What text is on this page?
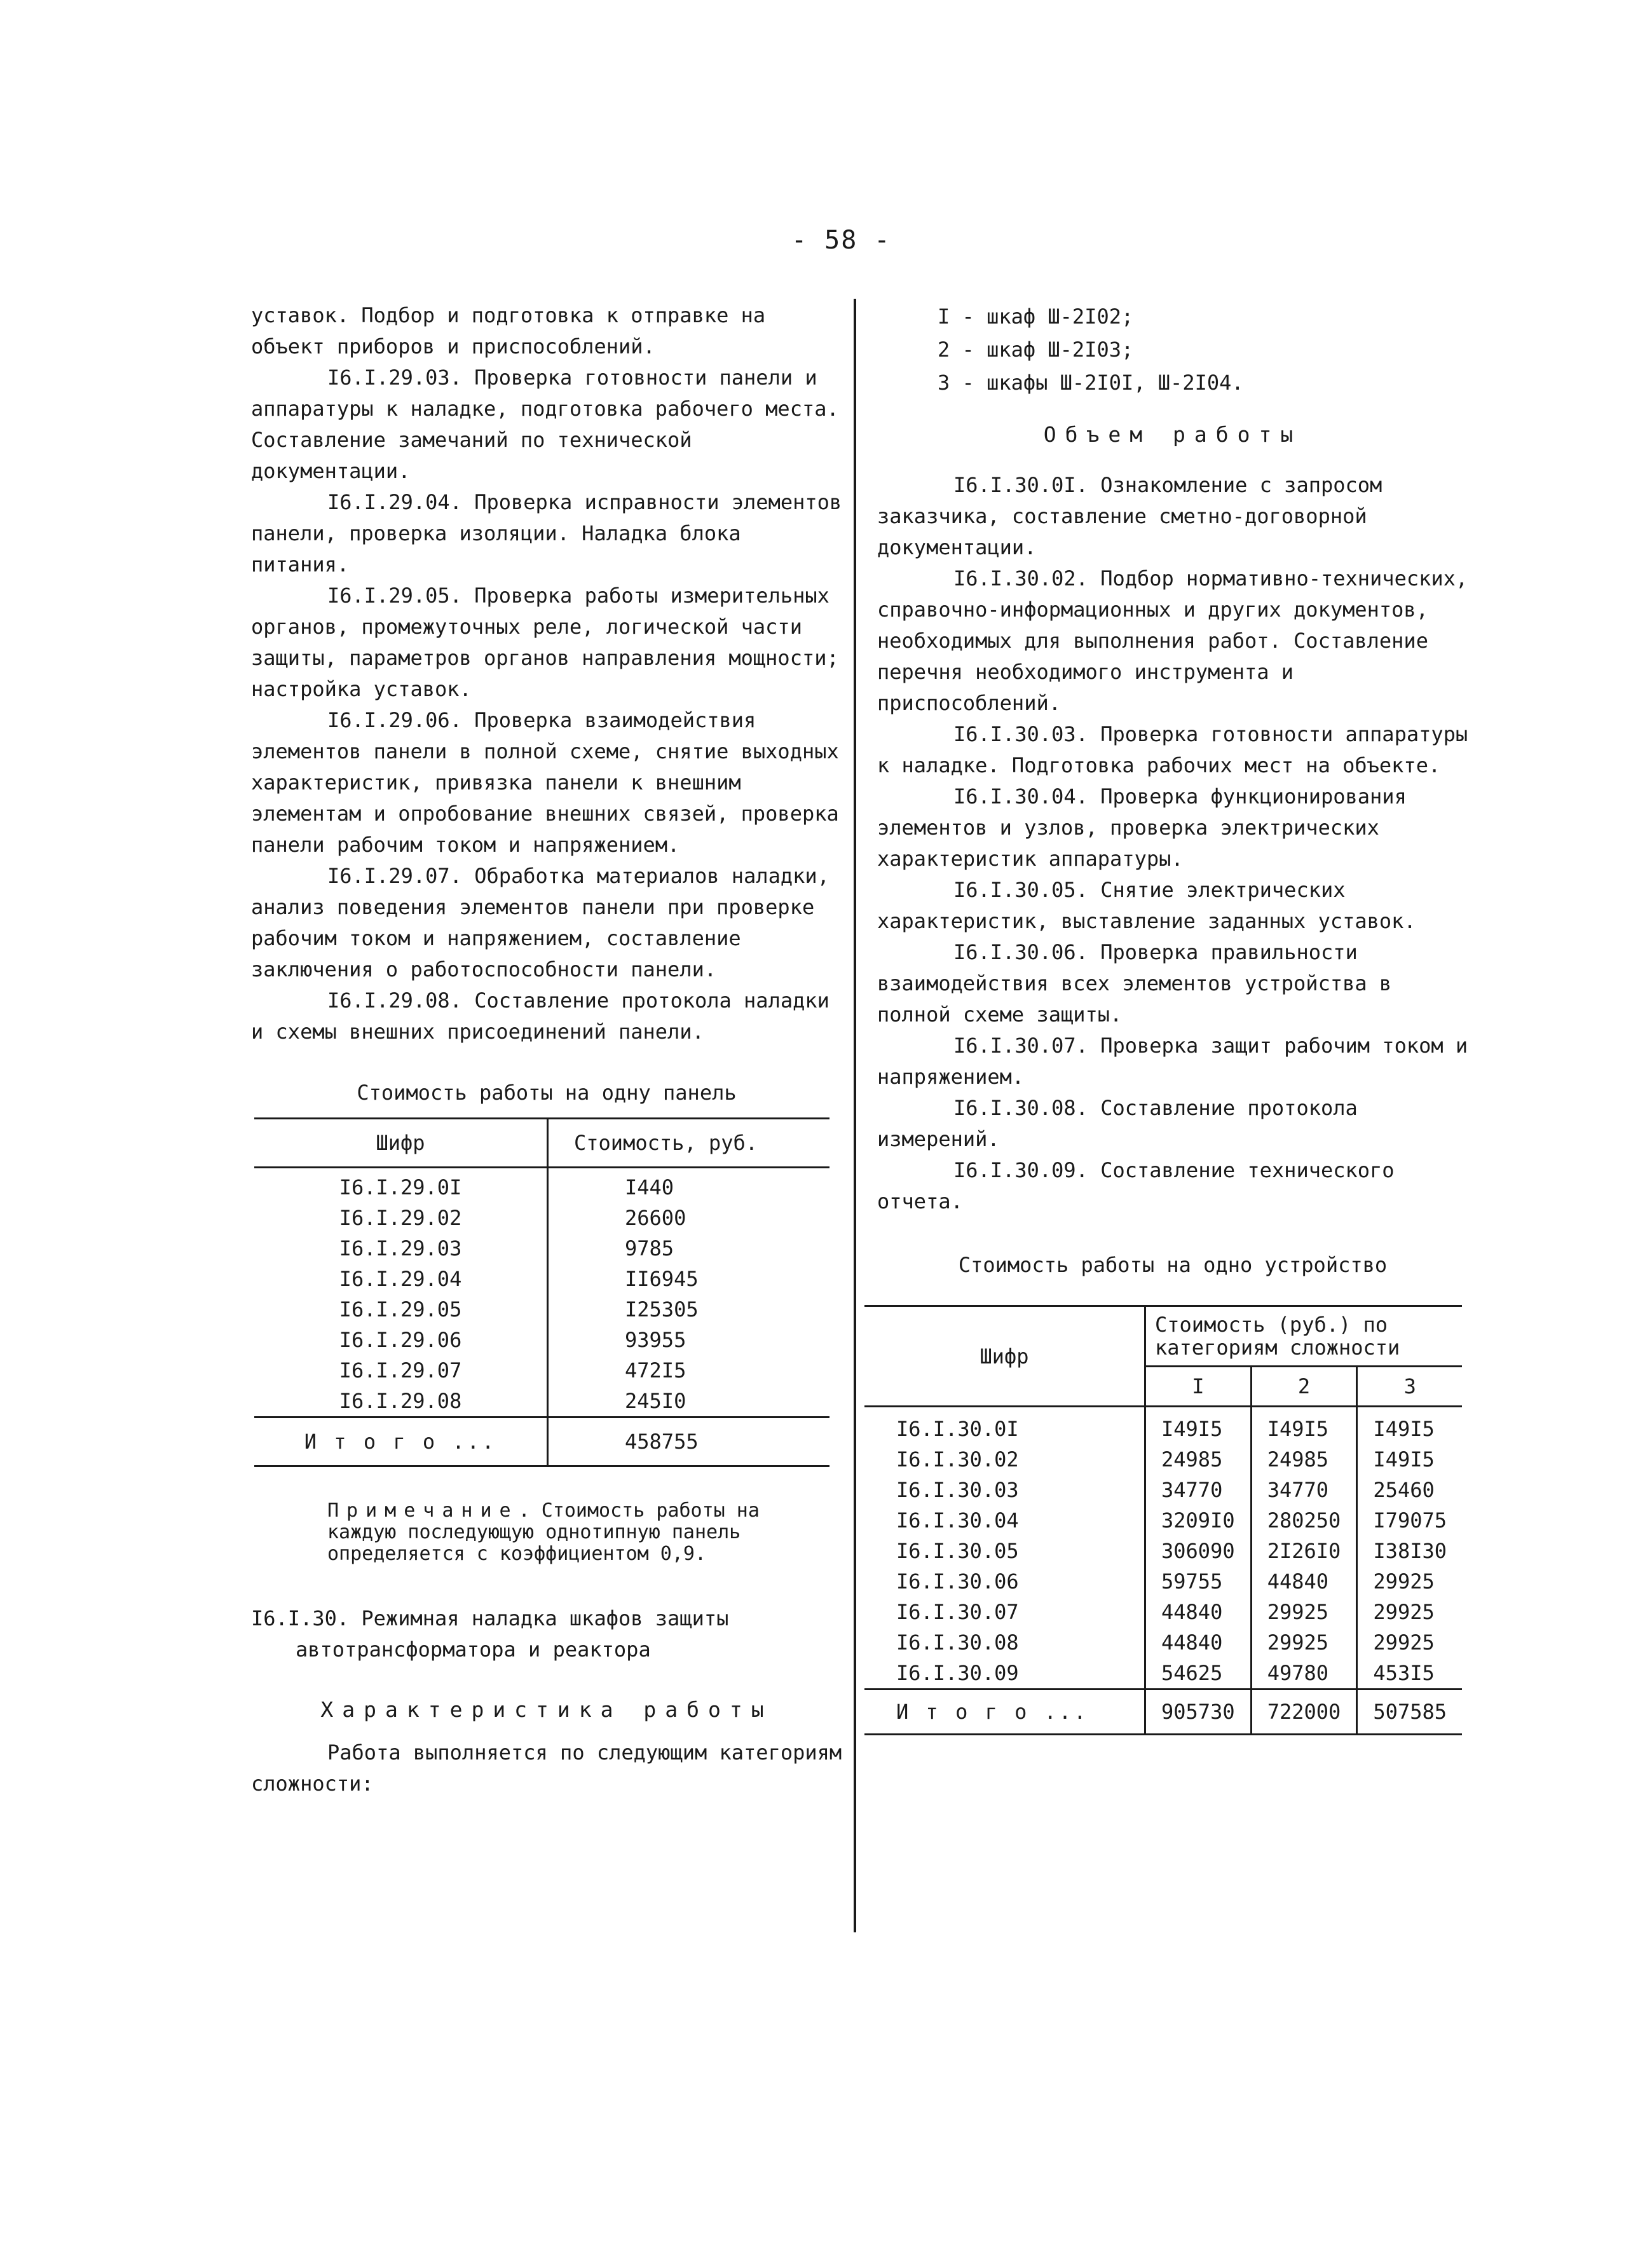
- 58 -

уставок. Подбор и подготовка к отправке на объект приборов и приспособлений.

I6.I.29.03. Проверка готовности панели и аппаратуры к наладке, подготовка рабочего места. Составление замечаний по технической документации.

I6.I.29.04. Проверка исправности элементов панели, проверка изоляции. Наладка блока питания.

I6.I.29.05. Проверка работы измерительных органов, промежуточных реле, логической части защиты, параметров органов направления мощности; настройка уставок.

I6.I.29.06. Проверка взаимодействия элементов панели в полной схеме, снятие выходных характеристик, привязка панели к внешним элементам и опробование внешних связей, проверка панели рабочим током и напряжением.

I6.I.29.07. Обработка материалов наладки, анализ поведения элементов панели при проверке рабочим током и напряжением, составление заключения о работоспособности панели.

I6.I.29.08. Составление протокола наладки и схемы внешних присоединений панели.

Стоимость работы на одну панель

Шифр	Стоимость, руб.
I6.I.29.0I	I440
I6.I.29.02	26600
I6.I.29.03	9785
I6.I.29.04	II6945
I6.I.29.05	I25305
I6.I.29.06	93955
I6.I.29.07	472I5
I6.I.29.08	245I0
И т о г о ...	458755

Примечание. Стоимость работы на каждую последующую однотипную панель определяется с коэффициентом 0,9.

I6.I.30. Режимная наладка шкафов защиты автотрансформатора и реактора

Характеристика работы

Работа выполняется по следующим категориям сложности:

I - шкаф Ш-2I02;

2 - шкаф Ш-2I03;

3 - шкафы Ш-2I0I, Ш-2I04.

Объем работы

I6.I.30.0I. Ознакомление с запросом заказчика, составление сметно-договорной документации.

I6.I.30.02. Подбор нормативно-технических, справочно-информационных и других документов, необходимых для выполнения работ. Составление перечня необходимого инструмента и приспособлений.

I6.I.30.03. Проверка готовности аппаратуры к наладке. Подготовка рабочих мест на объекте.

I6.I.30.04. Проверка функционирования элементов и узлов, проверка электрических характеристик аппаратуры.

I6.I.30.05. Снятие электрических характеристик, выставление заданных уставок.

I6.I.30.06. Проверка правильности взаимодействия всех элементов устройства в полной схеме защиты.

I6.I.30.07. Проверка защит рабочим током и напряжением.

I6.I.30.08. Составление протокола измерений.

I6.I.30.09. Составление технического отчета.

Стоимость работы на одно устройство

Шифр	Стоимость (руб.) по категориям сложности		
	I	2	3
I6.I.30.0I	I49I5	I49I5	I49I5
I6.I.30.02	24985	24985	I49I5
I6.I.30.03	34770	34770	25460
I6.I.30.04	3209I0	280250	I79075
I6.I.30.05	306090	2I26I0	I38I30
I6.I.30.06	59755	44840	29925
I6.I.30.07	44840	29925	29925
I6.I.30.08	44840	29925	29925
I6.I.30.09	54625	49780	453I5
И т о г о ...	905730	722000	507585
